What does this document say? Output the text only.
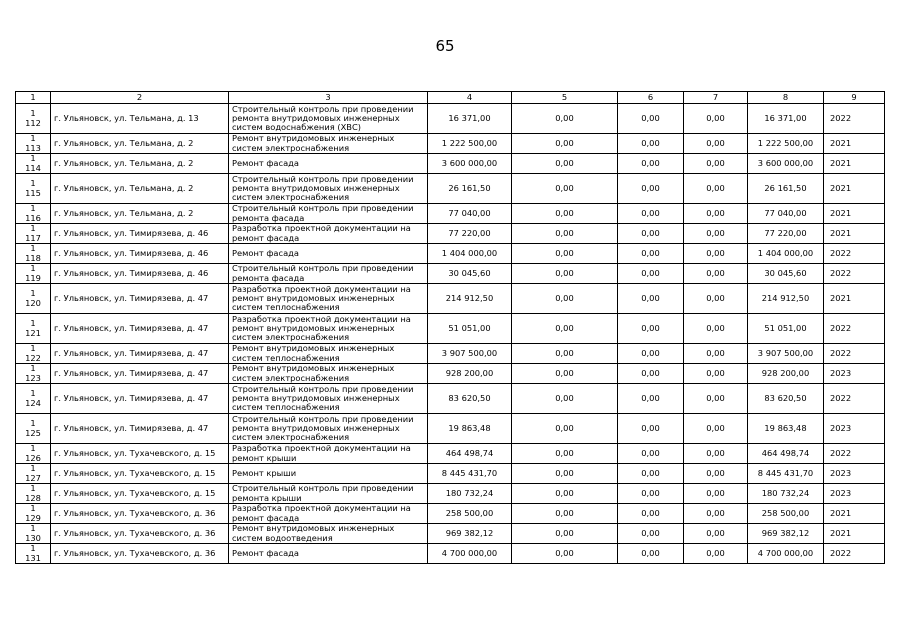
65
1	2	3	4	5	6	7	8	9

1
112	г. Ульяновск, ул. Тельмана, д. 13	Строительный контроль при проведении ремонта внутридомовых инженерных систем водоснабжения (ХВС)	16 371,00	0,00	0,00	0,00	16 371,00	2022

1
113	г. Ульяновск, ул. Тельмана, д. 2	Ремонт внутридомовых инженерных систем электроснабжения	1 222 500,00	0,00	0,00	0,00	1 222 500,00	2021

1
114	г. Ульяновск, ул. Тельмана, д. 2	Ремонт фасада	3 600 000,00	0,00	0,00	0,00	3 600 000,00	2021

1
115	г. Ульяновск, ул. Тельмана, д. 2	Строительный контроль при проведении ремонта внутридомовых инженерных систем электроснабжения	26 161,50	0,00	0,00	0,00	26 161,50	2021

1
116	г. Ульяновск, ул. Тельмана, д. 2	Строительный контроль при проведении ремонта фасада	77 040,00	0,00	0,00	0,00	77 040,00	2021

1
117	г. Ульяновск, ул. Тимирязева, д. 46	Разработка проектной документации на ремонт фасада	77 220,00	0,00	0,00	0,00	77 220,00	2021

1
118	г. Ульяновск, ул. Тимирязева, д. 46	Ремонт фасада	1 404 000,00	0,00	0,00	0,00	1 404 000,00	2022

1
119	г. Ульяновск, ул. Тимирязева, д. 46	Строительный контроль при проведении ремонта фасада	30 045,60	0,00	0,00	0,00	30 045,60	2022

1
120	г. Ульяновск, ул. Тимирязева, д. 47	Разработка проектной документации на ремонт внутридомовых инженерных систем теплоснабжения	214 912,50	0,00	0,00	0,00	214 912,50	2021

1
121	г. Ульяновск, ул. Тимирязева, д. 47	Разработка проектной документации на ремонт внутридомовых инженерных систем электроснабжения	51 051,00	0,00	0,00	0,00	51 051,00	2022

1
122	г. Ульяновск, ул. Тимирязева, д. 47	Ремонт внутридомовых инженерных систем теплоснабжения	3 907 500,00	0,00	0,00	0,00	3 907 500,00	2022

1
123	г. Ульяновск, ул. Тимирязева, д. 47	Ремонт внутридомовых инженерных систем электроснабжения	928 200,00	0,00	0,00	0,00	928 200,00	2023

1
124	г. Ульяновск, ул. Тимирязева, д. 47	Строительный контроль при проведении ремонта внутридомовых инженерных систем теплоснабжения	83 620,50	0,00	0,00	0,00	83 620,50	2022

1
125	г. Ульяновск, ул. Тимирязева, д. 47	Строительный контроль при проведении ремонта внутридомовых инженерных систем электроснабжения	19 863,48	0,00	0,00	0,00	19 863,48	2023

1
126	г. Ульяновск, ул. Тухачевского, д. 15	Разработка проектной документации на ремонт крыши	464 498,74	0,00	0,00	0,00	464 498,74	2022

1
127	г. Ульяновск, ул. Тухачевского, д. 15	Ремонт крыши	8 445 431,70	0,00	0,00	0,00	8 445 431,70	2023

1
128	г. Ульяновск, ул. Тухачевского, д. 15	Строительный контроль при проведении ремонта крыши	180 732,24	0,00	0,00	0,00	180 732,24	2023

1
129	г. Ульяновск, ул. Тухачевского, д. 36	Разработка проектной документации на ремонт фасада	258 500,00	0,00	0,00	0,00	258 500,00	2021

1
130	г. Ульяновск, ул. Тухачевского, д. 36	Ремонт внутридомовых инженерных систем водоотведения	969 382,12	0,00	0,00	0,00	969 382,12	2021

1
131	г. Ульяновск, ул. Тухачевского, д. 36	Ремонт фасада	4 700 000,00	0,00	0,00	0,00	4 700 000,00	2022
